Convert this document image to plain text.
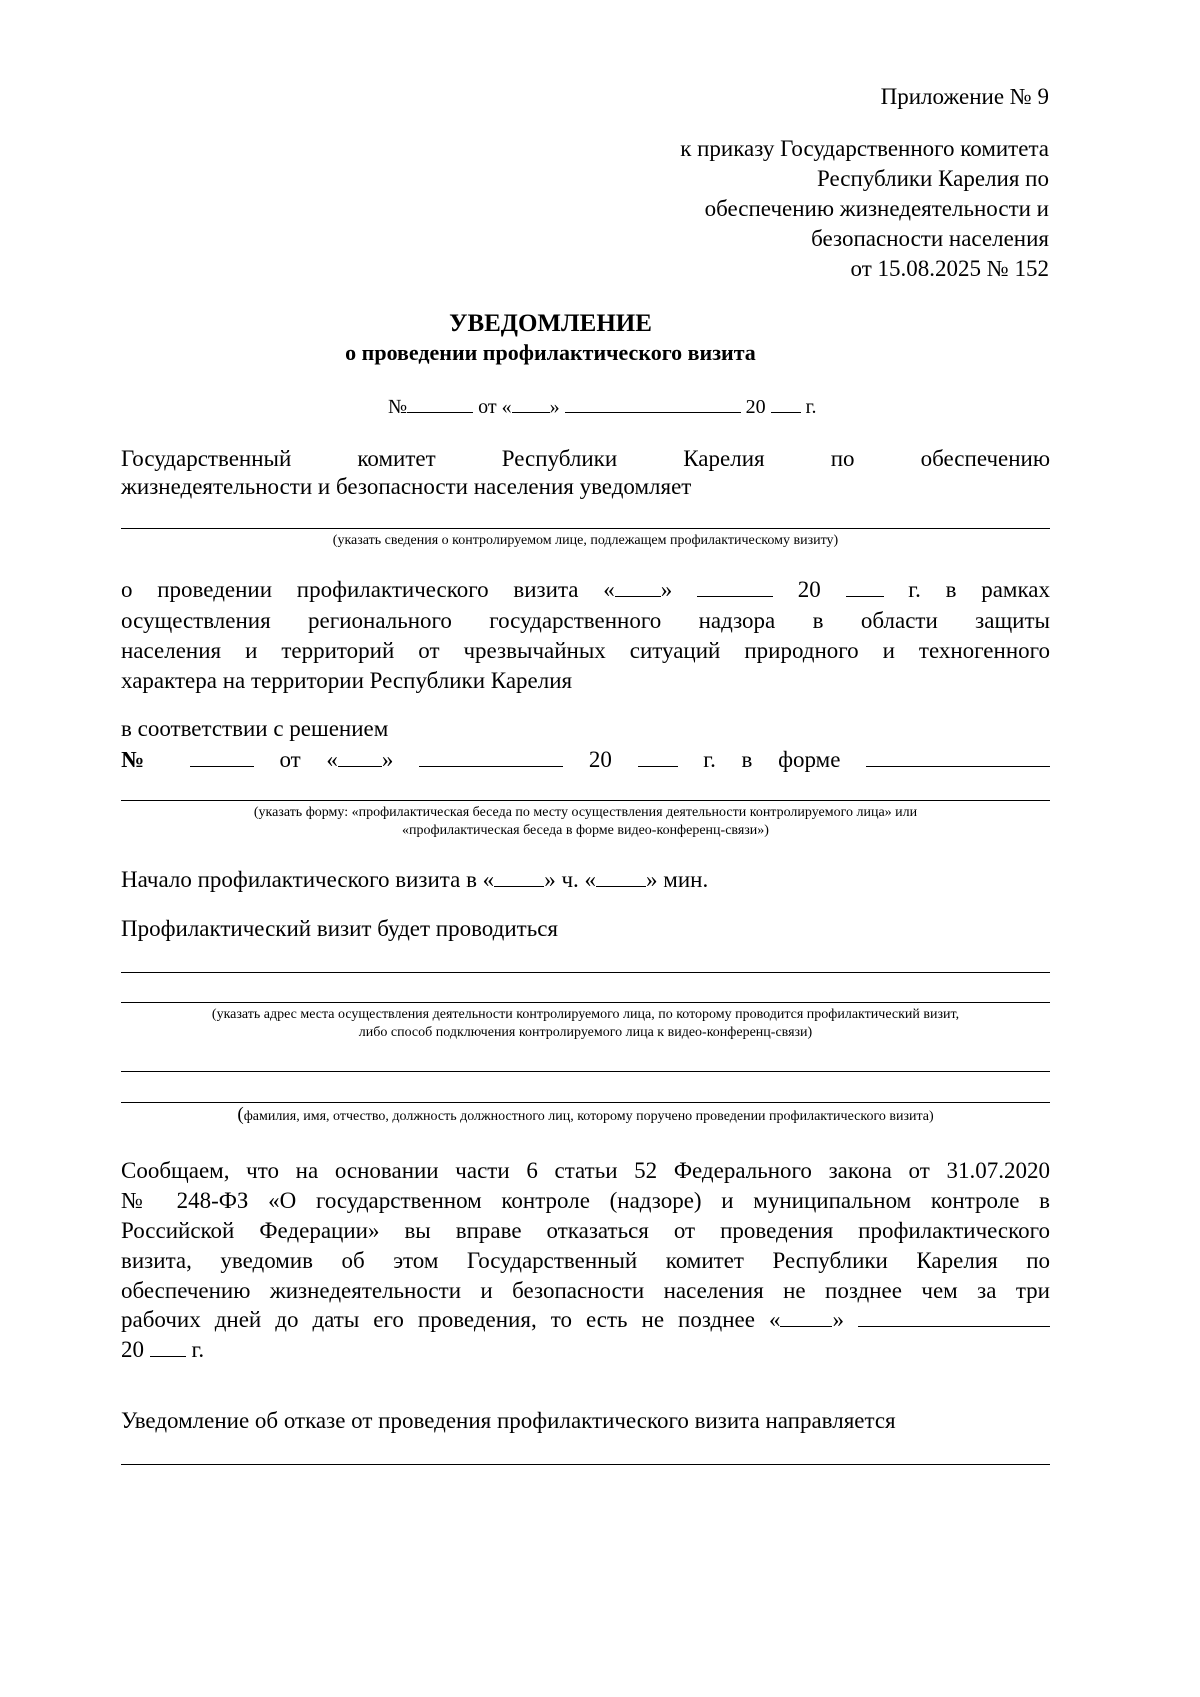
Приложение № 9
к приказу Государственного комитета
Республики Карелия по
обеспечению жизнедеятельности и
безопасности населения
от 15.08.2025 № 152
УВЕДОМЛЕНИЕ
о проведении профилактического визита
№	от « »	20 г.
Государственный	комитет	Республики	Карелия	по	обеспечению
жизнедеятельности и безопасности населения уведомляет
(указать сведения о контролируемом лице, подлежащем профилактическому визиту)
о проведении профилактического визита « »	20	г. в рамках
осуществления регионального государственного надзора в области защиты
населения и территорий от чрезвычайных ситуаций природного и техногенного
характера на территории Республики Карелия
в соответствии с решением
№	от « »	20	г. в форме
(указать форму: «профилактическая беседа по месту осуществления деятельности контролируемого лица» или
«профилактическая беседа в форме видео-конференц-связи»)
Начало профилактического визита в « » ч. « » мин.
Профилактический визит будет проводиться
(указать адрес места осуществления деятельности контролируемого лица, по которому проводится профилактический визит,
либо способ подключения контролируемого лица к видео-конференц-связи)
(фамилия, имя, отчество, должность должностного лиц, которому поручено проведении профилактического визита)
Сообщаем, что на основании части 6 статьи 52 Федерального закона от 31.07.2020
№ 248-ФЗ «О государственном контроле (надзоре) и муниципальном контроле в
Российской Федерации» вы вправе отказаться от проведения профилактического
визита, уведомив об этом Государственный комитет Республики Карелия по
обеспечению жизнедеятельности и безопасности населения не позднее чем за три
рабочих дней до даты его проведения, то есть не позднее « »
20 г.
Уведомление об отказе от проведения профилактического визита направляется
